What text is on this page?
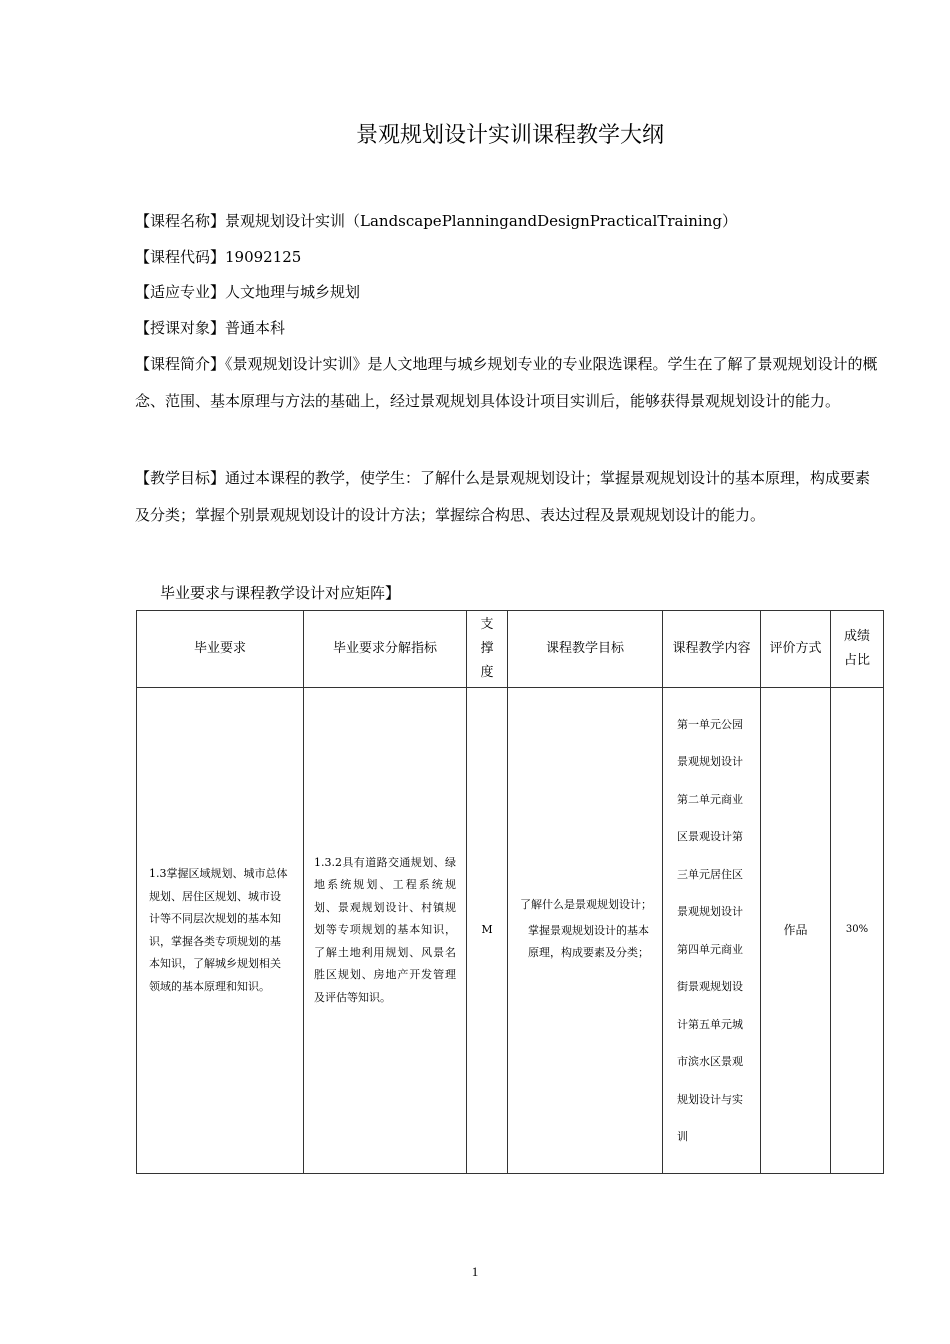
景观规划设计实训课程教学大纲
【课程名称】景观规划设计实训（LandscapePlanningandDesignPracticalTraining）
【课程代码】19092125
【适应专业】人文地理与城乡规划
【授课对象】普通本科
【课程简介】《景观规划设计实训》是人文地理与城乡规划专业的专业限选课程。学生在了解了景观规划设计的概念、范围、基本原理与方法的基础上，经过景观规划具体设计项目实训后，能够获得景观规划设计的能力。
【教学目标】通过本课程的教学，使学生：了解什么是景观规划设计；掌握景观规划设计的基本原理，构成要素及分类；掌握个别景观规划设计的设计方法；掌握综合构思、表达过程及景观规划设计的能力。
毕业要求与课程教学设计对应矩阵】
毕业要求	毕业要求分解指标	支撑度	课程教学目标	课程教学内容	评价方式	成绩占比
1.3掌握区域规划、城市总体规划、居住区规划、城市设计等不同层次规划的基本知识，掌握各类专项规划的基本知识，了解城乡规划相关领域的基本原理和知识。	1.3.2具有道路交通规划、绿地系统规划、工程系统规划、景观规划设计、村镇规划等专项规划的基本知识，了解土地利用规划、风景名胜区规划、房地产开发管理及评估等知识。	M	了解什么是景观规划设计；
掌握景观规划设计的基本原理，构成要素及分类；	第一单元公园景观规划设计第二单元商业区景观设计第三单元居住区景观规划设计第四单元商业街景观规划设计第五单元城市滨水区景观规划设计与实训	作品	30%
1
